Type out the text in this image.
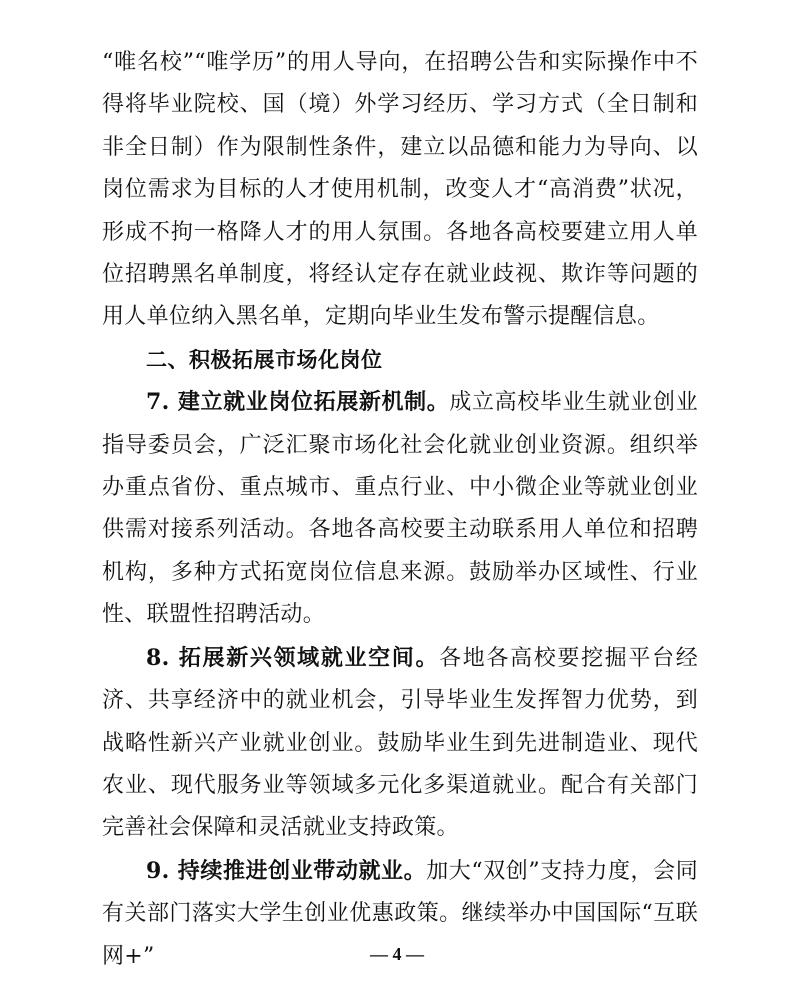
“唯名校”“唯学历”的用人导向，在招聘公告和实际操作中不得将毕业院校、国（境）外学习经历、学习方式（全日制和非全日制）作为限制性条件，建立以品德和能力为导向、以岗位需求为目标的人才使用机制，改变人才“高消费”状况，形成不拘一格降人才的用人氛围。各地各高校要建立用人单位招聘黑名单制度，将经认定存在就业歧视、欺诈等问题的用人单位纳入黑名单，定期向毕业生发布警示提醒信息。

二、积极拓展市场化岗位

7. 建立就业岗位拓展新机制。成立高校毕业生就业创业指导委员会，广泛汇聚市场化社会化就业创业资源。组织举办重点省份、重点城市、重点行业、中小微企业等就业创业供需对接系列活动。各地各高校要主动联系用人单位和招聘机构，多种方式拓宽岗位信息来源。鼓励举办区域性、行业性、联盟性招聘活动。

8. 拓展新兴领域就业空间。各地各高校要挖掘平台经济、共享经济中的就业机会，引导毕业生发挥智力优势，到战略性新兴产业就业创业。鼓励毕业生到先进制造业、现代农业、现代服务业等领域多元化多渠道就业。配合有关部门完善社会保障和灵活就业支持政策。

9. 持续推进创业带动就业。加大“双创”支持力度，会同有关部门落实大学生创业优惠政策。继续举办中国国际“互联网+”	— 4 —
